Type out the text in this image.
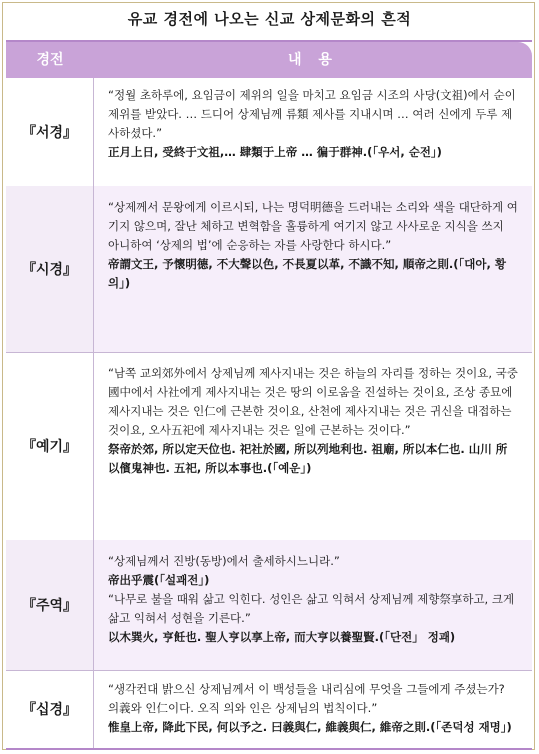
유교 경전에 나오는 신교 상제문화의 흔적
경전	내 용
『서경』

“정월 초하루에, 요임금이 제위의 일을 마치고 요임금 시조의 사당(文祖)에서 순이 제위를 받았다. … 드디어 상제님께 류類 제사를 지내시며 … 여러 신에게 두루 제사하셨다.”

正月上日, 受終于文祖,… 肆類于上帝 … 徧于群神.(「우서, 순전」)

『시경』

“상제께서 문왕에게 이르시되, 나는 명덕明德을 드러내는 소리와 색을 대단하게 여기지 않으며, 잘난 체하고 변혁함을 훌륭하게 여기지 않고 사사로운 지식을 쓰지 아니하여 ‘상제의 법’에 순응하는 자를 사랑한다 하시다.”

帝謂文王, 予懷明德, 不大聲以色, 不長夏以革, 不識不知, 順帝之則.(「대아, 황의」)

『예기』

“남쪽 교외郊外에서 상제님께 제사지내는 것은 하늘의 자리를 정하는 것이요, 국중國中에서 사社에게 제사지내는 것은 땅의 이로움을 진설하는 것이요, 조상 종묘에 제사지내는 것은 인仁에 근본한 것이요, 산천에 제사지내는 것은 귀신을 대접하는 것이요, 오사五祀에 제사지내는 것은 일에 근본하는 것이다.”

祭帝於郊, 所以定天位也. 祀社於國, 所以列地利也. 祖廟, 所以本仁也. 山川 所以儐鬼神也. 五祀, 所以本事也.(「예운」)

『주역』

“상제님께서 진방(동방)에서 출세하시느니라.”

帝出乎震(「설괘전」)

“나무로 불을 때워 삶고 익힌다. 성인은 삶고 익혀서 상제님께 제향祭享하고, 크게 삶고 익혀서 성현을 기른다.”

以木巽火, 亨飪也. 聖人亨以享上帝, 而大亨以養聖賢.(「단전」 정괘)

『십경』

“생각컨대 밝으신 상제님께서 이 백성들을 내리심에 무엇을 그들에게 주셨는가? 의義와 인仁이다. 오직 의와 인은 상제님의 법칙이다.”

惟皇上帝, 降此下民, 何以予之. 曰義與仁, 維義與仁, 維帝之則.(「존덕성 재명」)
